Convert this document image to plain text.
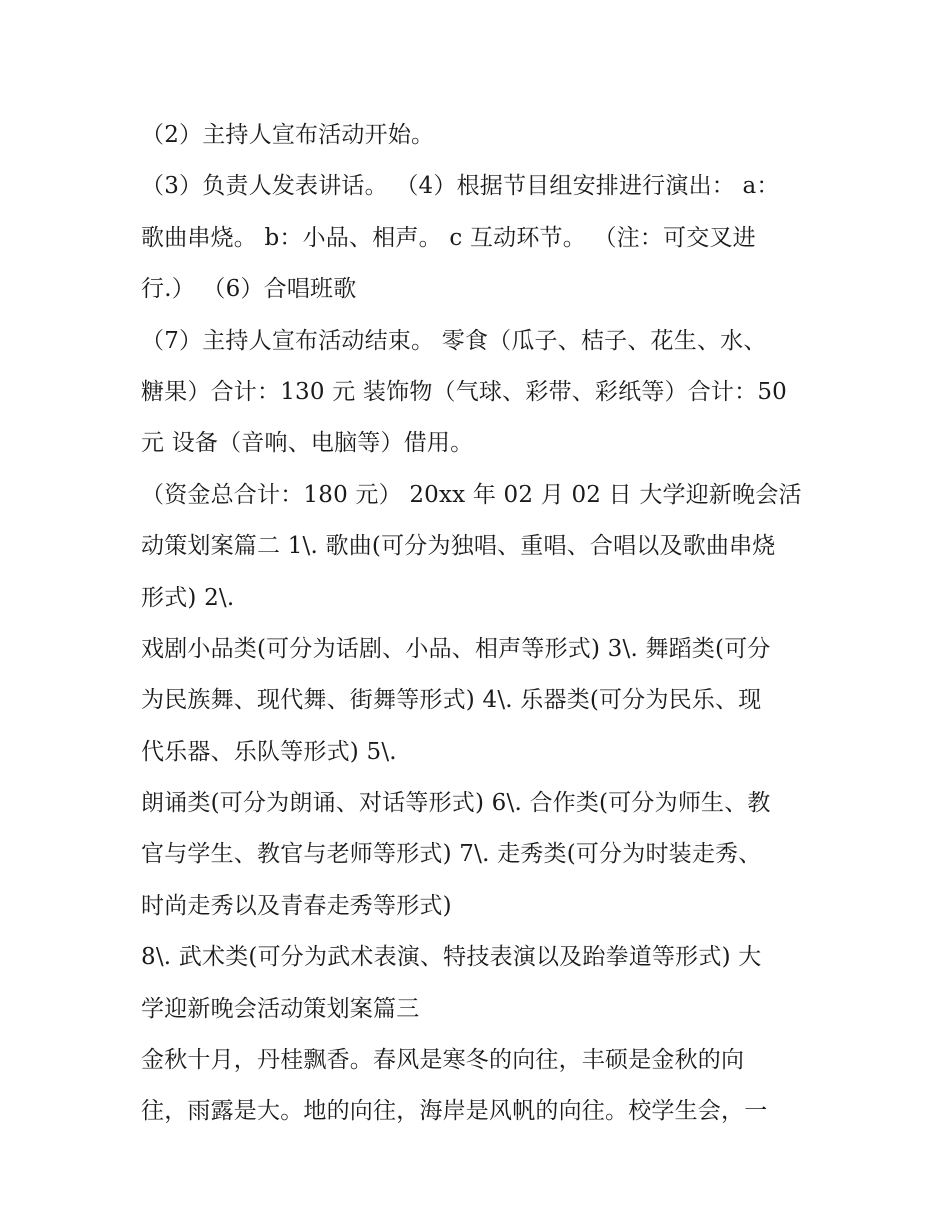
（2）主持人宣布活动开始。
（3）负责人发表讲话。 （4）根据节目组安排进行演出： a：
歌曲串烧。 b：小品、相声。 c 互动环节。 （注：可交叉进
行.） （6）合唱班歌
（7）主持人宣布活动结束。 零食（瓜子、桔子、花生、水、
糖果）合计：130 元 装饰物（气球、彩带、彩纸等）合计：50
元 设备（音响、电脑等）借用。
（资金总合计：180 元） 20xx 年 02 月 02 日 大学迎新晚会活
动策划案篇二 1\. 歌曲(可分为独唱、重唱、合唱以及歌曲串烧
形式) 2\.
戏剧小品类(可分为话剧、小品、相声等形式) 3\. 舞蹈类(可分
为民族舞、现代舞、街舞等形式) 4\. 乐器类(可分为民乐、现
代乐器、乐队等形式) 5\.
朗诵类(可分为朗诵、对话等形式) 6\. 合作类(可分为师生、教
官与学生、教官与老师等形式) 7\. 走秀类(可分为时装走秀、
时尚走秀以及青春走秀等形式)
8\. 武术类(可分为武术表演、特技表演以及跆拳道等形式) 大
学迎新晚会活动策划案篇三
金秋十月，丹桂飘香。春风是寒冬的向往，丰硕是金秋的向
往，雨露是大。地的向往，海岸是风帆的向往。校学生会，一
